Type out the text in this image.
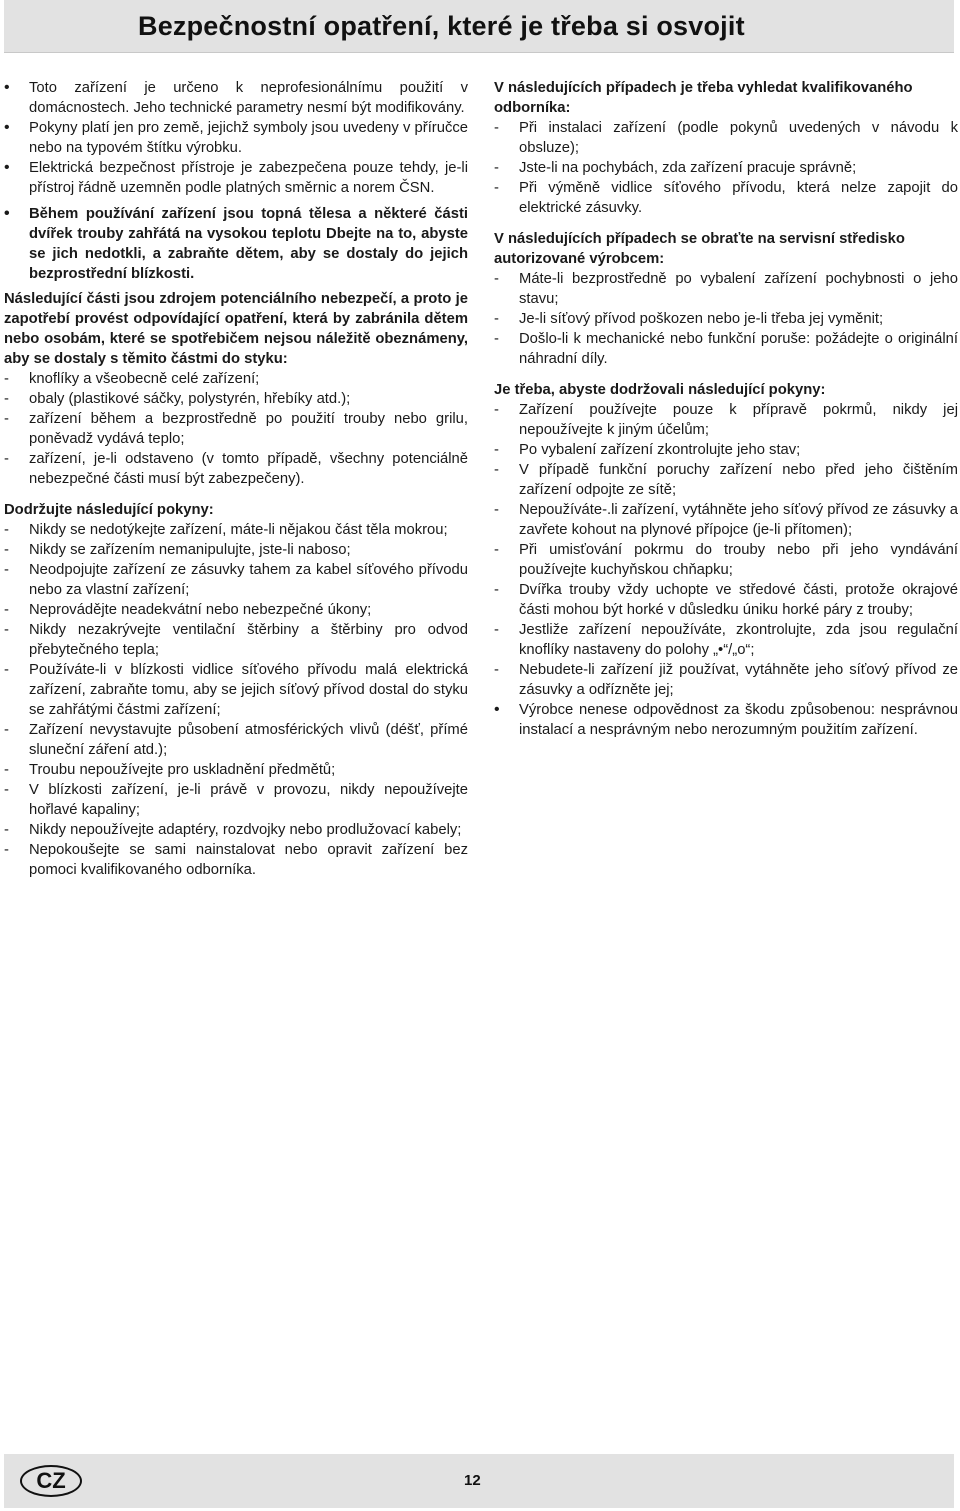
Bezpečnostní opatření, které je třeba si osvojit
•
Toto zařízení je určeno k neprofesionálnímu použití v domácnostech. Jeho technické parametry nesmí být modifikovány.
•
Pokyny platí jen pro země, jejichž symboly jsou uvedeny v příručce nebo na typovém štítku výrobku.
•
Elektrická bezpečnost přístroje je zabezpečena pouze tehdy, je-li přístroj řádně uzemněn podle platných směrnic a norem ČSN.
•
Během používání zařízení jsou topná tělesa a některé části dvířek trouby zahřátá na vysokou teplotu Dbejte na to, abyste se jich nedotkli, a zabraňte dětem, aby se dostaly do jejich bezprostřední blízkosti.

Následující části jsou zdrojem potenciálního nebezpečí, a proto je zapotřebí provést odpovídající opatření, která by zabránila dětem nebo osobám, které se spotřebičem nejsou náležitě obeznámeny, aby se dostaly s těmito částmi do styku:

-
knoflíky a všeobecně celé zařízení;
-
obaly (plastikové sáčky, polystyrén, hřebíky atd.);
-
zařízení během a bezprostředně po použití trouby nebo grilu, poněvadž vydává teplo;
-
zařízení, je-li odstaveno (v tomto případě, všechny potenciálně nebezpečné části musí být zabezpečeny).

Dodržujte následující pokyny:

-
Nikdy se nedotýkejte zařízení, máte-li nějakou část těla mokrou;
-
Nikdy se zařízením nemanipulujte, jste-li naboso;
-
Neodpojujte zařízení ze zásuvky tahem za kabel síťového přívodu nebo za vlastní zařízení;
-
Neprovádějte neadekvátní nebo nebezpečné úkony;
-
Nikdy nezakrývejte ventilační štěrbiny a štěrbiny pro odvod přebytečného tepla;
-
Používáte-li v blízkosti vidlice síťového přívodu malá elektrická zařízení, zabraňte tomu, aby se jejich síťový přívod dostal do styku se zahřátými částmi zařízení;
-
Zařízení nevystavujte působení atmosférických vlivů (déšť, přímé sluneční záření atd.);
-
Troubu nepoužívejte pro uskladnění předmětů;
-
V blízkosti zařízení, je-li právě v provozu, nikdy nepoužívejte hořlavé kapaliny;
-
Nikdy nepoužívejte adaptéry, rozdvojky nebo prodlužovací kabely;
-
Nepokoušejte se sami nainstalovat nebo opravit zařízení bez pomoci kvalifikovaného odborníka.

V následujících případech je třeba vyhledat kvalifikovaného odborníka:

-
Při instalaci zařízení (podle pokynů uvedených v návodu k obsluze);
-
Jste-li na pochybách, zda zařízení pracuje správně;
-
Při výměně vidlice síťového přívodu, která nelze zapojit do elektrické zásuvky.

V následujících případech se obraťte na servisní středisko autorizované výrobcem:

-
Máte-li bezprostředně po vybalení zařízení pochybnosti o jeho stavu;
-
Je-li síťový přívod poškozen nebo je-li třeba jej vyměnit;
-
Došlo-li k mechanické nebo funkční poruše: požádejte o originální náhradní díly.

Je třeba, abyste dodržovali následující pokyny:

-
Zařízení používejte pouze k přípravě pokrmů, nikdy jej nepoužívejte k jiným účelům;
-
Po vybalení zařízení zkontrolujte jeho stav;
-
V případě funkční poruchy zařízení nebo před jeho čištěním zařízení odpojte ze sítě;
-
Nepoužíváte-.li zařízení, vytáhněte jeho síťový přívod ze zásuvky a zavřete kohout na plynové přípojce (je-li přítomen);
-
Při umisťování pokrmu do trouby nebo při jeho vyndávání používejte kuchyňskou chňapku;
-
Dvířka trouby vždy uchopte ve středové části, protože okrajové části mohou být horké v důsledku úniku horké páry z trouby;
-
Jestliže zařízení nepoužíváte, zkontrolujte, zda jsou regulační knoflíky nastaveny do polohy „•“/„o“;
-
Nebudete-li zařízení již používat, vytáhněte jeho síťový přívod ze zásuvky a odřízněte jej;
•
Výrobce nenese odpovědnost za škodu způsobenou: nesprávnou instalací a nesprávným nebo nerozumným použitím zařízení.
CZ	12
